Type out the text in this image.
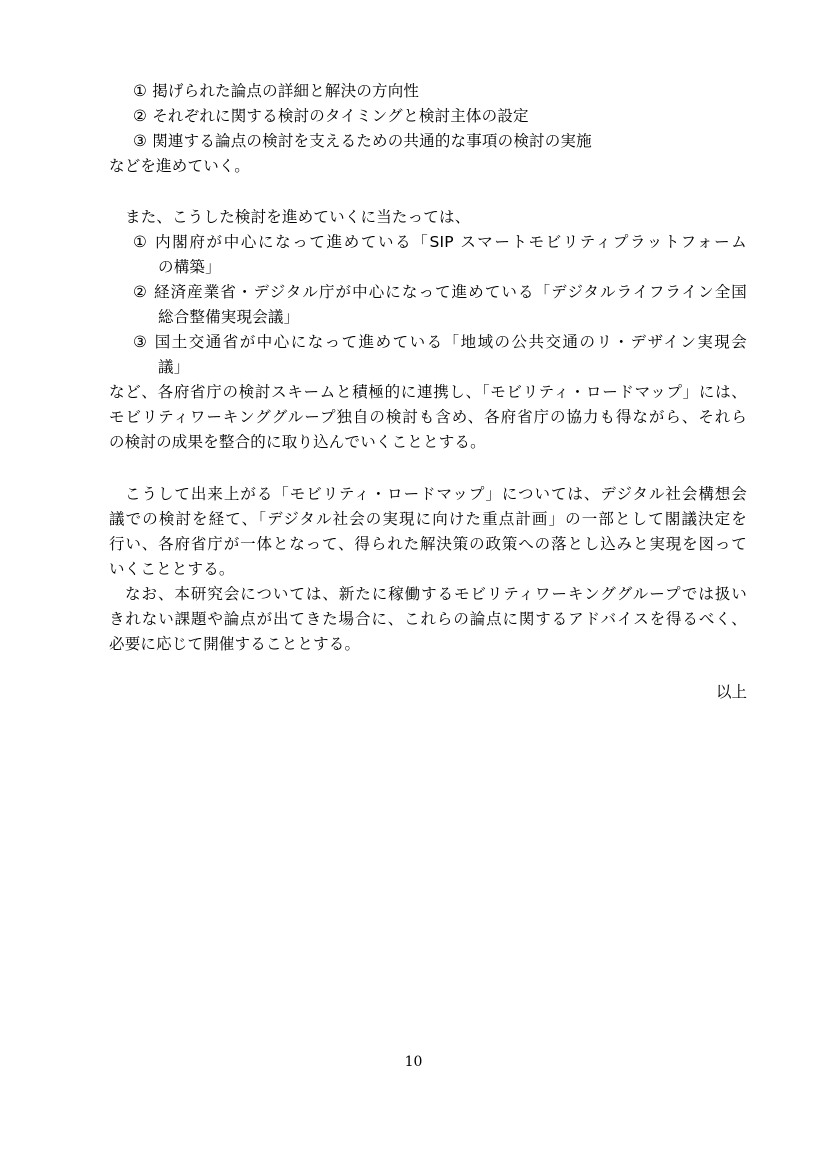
① 掲げられた論点の詳細と解決の方向性
② それぞれに関する検討のタイミングと検討主体の設定
③ 関連する論点の検討を支えるための共通的な事項の検討の実施
などを進めていく。
また、こうした検討を進めていくに当たっては、
① 内閣府が中心になって進めている「SIP スマートモビリティプラットフォーム
の構築」
② 経済産業省・デジタル庁が中心になって進めている「デジタルライフライン全国
総合整備実現会議」
③ 国土交通省が中心になって進めている「地域の公共交通のリ・デザイン実現会
議」
など、各府省庁の検討スキームと積極的に連携し、「モビリティ・ロードマップ」には、
モビリティワーキンググループ独自の検討も含め、各府省庁の協力も得ながら、それら
の検討の成果を整合的に取り込んでいくこととする。
こうして出来上がる「モビリティ・ロードマップ」については、デジタル社会構想会
議での検討を経て、「デジタル社会の実現に向けた重点計画」の一部として閣議決定を
行い、各府省庁が一体となって、得られた解決策の政策への落とし込みと実現を図って
いくこととする。
なお、本研究会については、新たに稼働するモビリティワーキンググループでは扱い
きれない課題や論点が出てきた場合に、これらの論点に関するアドバイスを得るべく、
必要に応じて開催することとする。
以上
10
